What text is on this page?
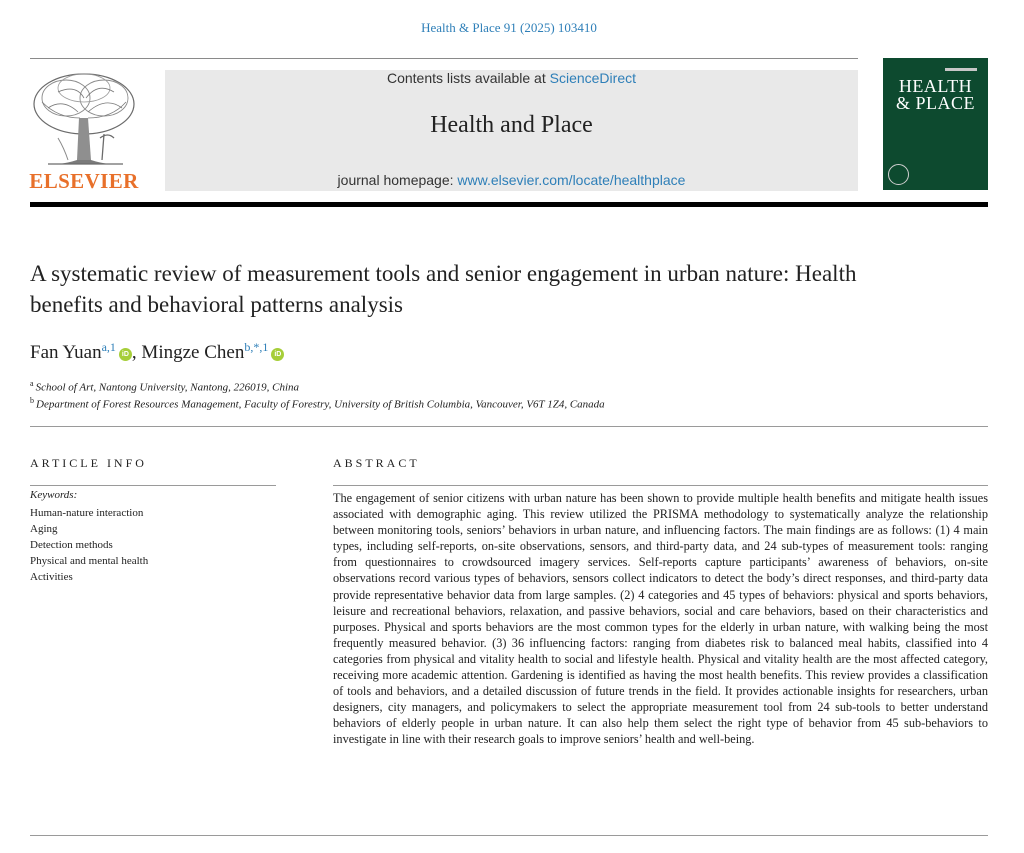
Health & Place 91 (2025) 103410
ELSEVIER
Contents lists available at ScienceDirect
Health and Place
journal homepage: www.elsevier.com/locate/healthplace
HEALTH
& PLACE
A systematic review of measurement tools and senior engagement in urban nature: Health benefits and behavioral patterns analysis
Fan Yuan$^{a,1}$iD , Mingze Chen$^{b,*,1}$iD
$^a$ School of Art, Nantong University, Nantong, 226019, China
$^b$ Department of Forest Resources Management, Faculty of Forestry, University of British Columbia, Vancouver, V6T 1Z4, Canada
ARTICLE INFO
Keywords:
Human-nature interaction
Aging
Detection methods
Physical and mental health
Activities
ABSTRACT

The engagement of senior citizens with urban nature has been shown to provide multiple health benefits and mitigate health issues associated with demographic aging. This review utilized the PRISMA methodology to systematically analyze the relationship between monitoring tools, seniors’ behaviors in urban nature, and influencing factors. The main findings are as follows: (1) 4 main types, including self-reports, on-site observations, sensors, and third-party data, and 24 sub-types of measurement tools: ranging from questionnaires to crowdsourced imagery services. Self-reports capture participants’ awareness of behaviors, on-site observations record various types of behaviors, sensors collect indicators to detect the body’s direct responses, and third-party data provide representative behavior data from large samples. (2) 4 categories and 45 types of behaviors: physical and sports behaviors, leisure and recreational behaviors, relaxation, and passive behaviors, social and care behaviors, based on their characteristics and purposes. Physical and sports behaviors are the most common types for the elderly in urban nature, with walking being the most frequently measured behavior. (3) 36 influencing factors: ranging from diabetes risk to balanced meal habits, classified into 4 categories from physical and vitality health to social and lifestyle health. Physical and vitality health are the most affected category, receiving more academic attention. Gardening is identified as having the most health benefits. This review provides a classification of tools and behaviors, and a detailed discussion of future trends in the field. It provides actionable insights for researchers, urban designers, city managers, and policymakers to select the appropriate measurement tool from 24 sub-tools to better understand behaviors of elderly people in urban nature. It can also help them select the right type of behavior from 45 sub-behaviors to investigate in line with their research goals to improve seniors’ health and well-being.
